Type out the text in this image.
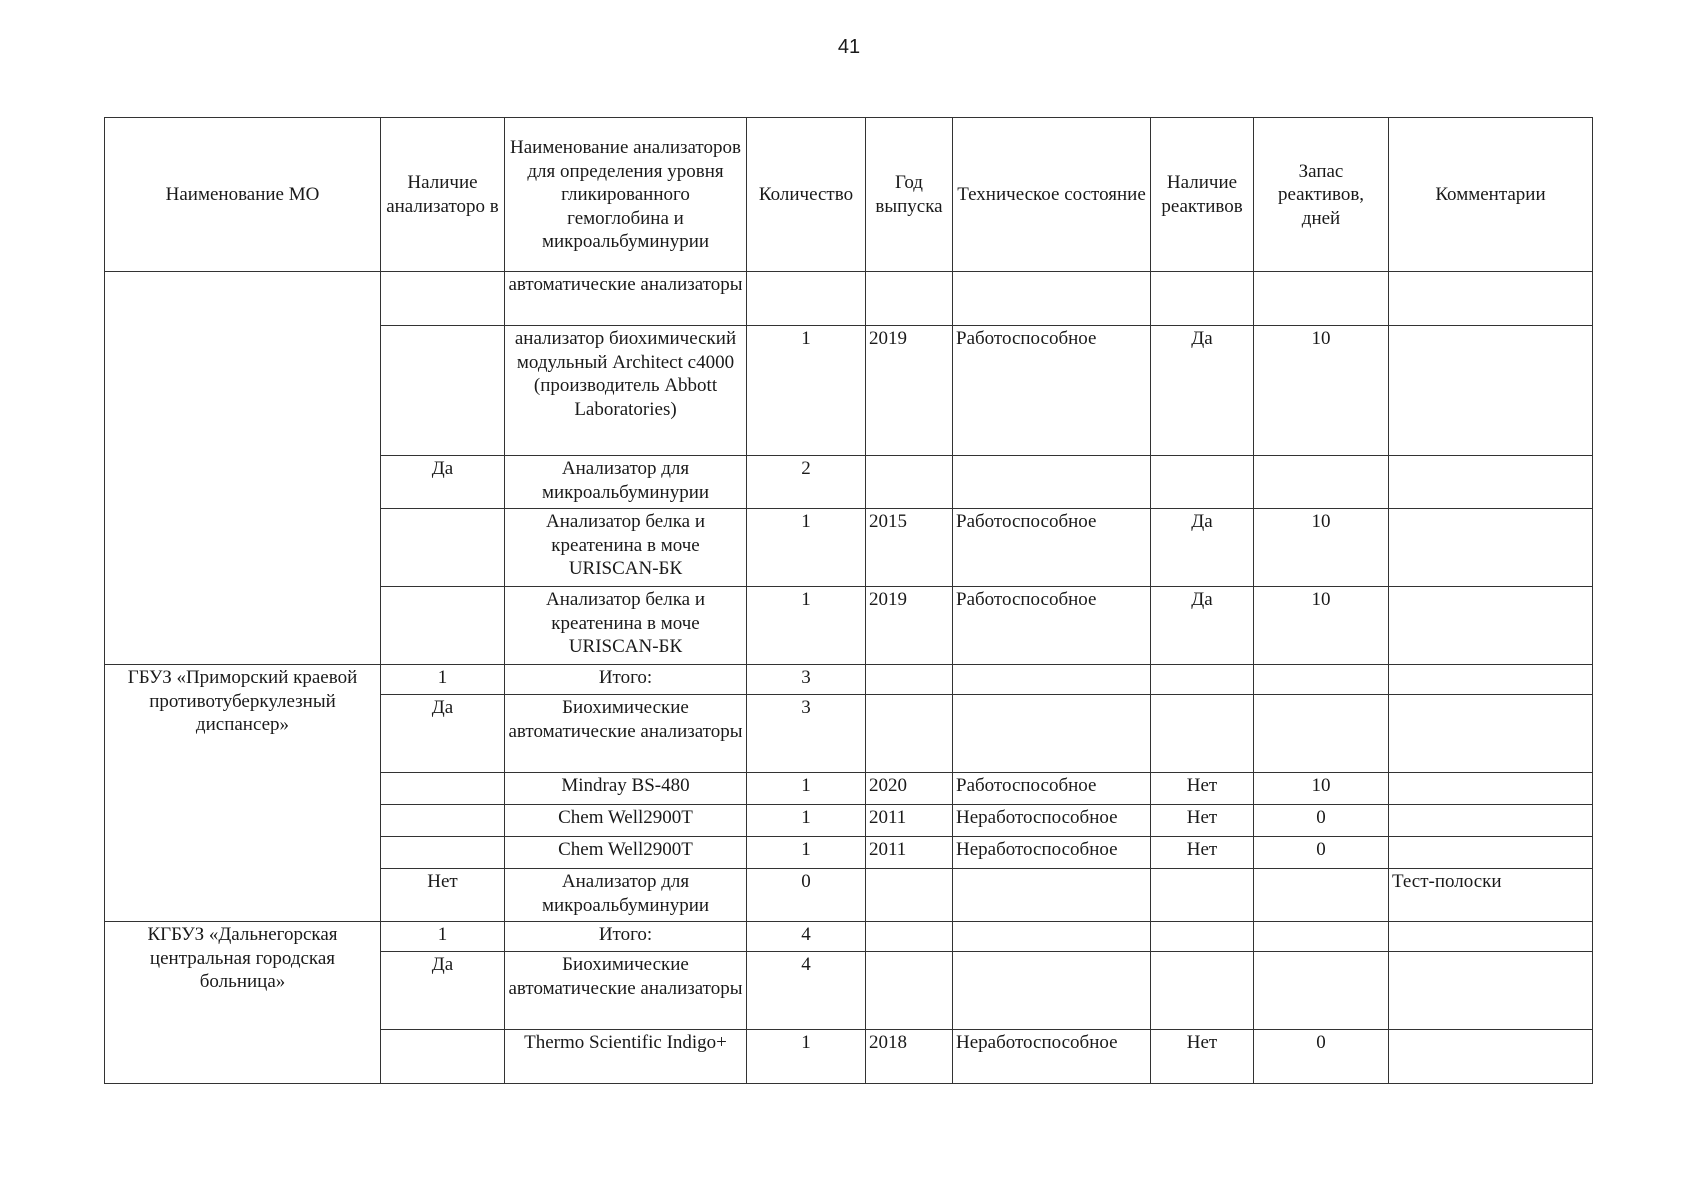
41
Наименование МО	Наличие анализаторо в	Наименование анализаторов для определения уровня гликированного гемоглобина и микроальбуминурии	Количество	Год выпуска	Техническое состояние	Наличие реактивов	Запас реактивов, дней	Комментарии
		автоматические анализаторы						
		анализатор биохимический модульный Architect c4000 (производитель Abbott Laboratories)	1	2019	Работоспособное	Да	10	
	Да	Анализатор для микроальбуминурии	2					
		Анализатор белка и креатенина в моче URISCAN-БК	1	2015	Работоспособное	Да	10	
		Анализатор белка и креатенина в моче URISCAN-БК	1	2019	Работоспособное	Да	10	
ГБУЗ «Приморский краевой противотуберкулезный диспансер»	1	Итого:	3					
	Да	Биохимические автоматические анализаторы	3					
		Mindray BS-480	1	2020	Работоспособное	Нет	10	
		Chem Well2900T	1	2011	Неработоспособное	Нет	0	
		Chem Well2900T	1	2011	Неработоспособное	Нет	0	
	Нет	Анализатор для микроальбуминурии	0					Тест-полоски
КГБУЗ «Дальнегорская центральная городская больница»	1	Итого:	4					
	Да	Биохимические автоматические анализаторы	4					
		Thermo Scientific Indigo+	1	2018	Неработоспособное	Нет	0	
